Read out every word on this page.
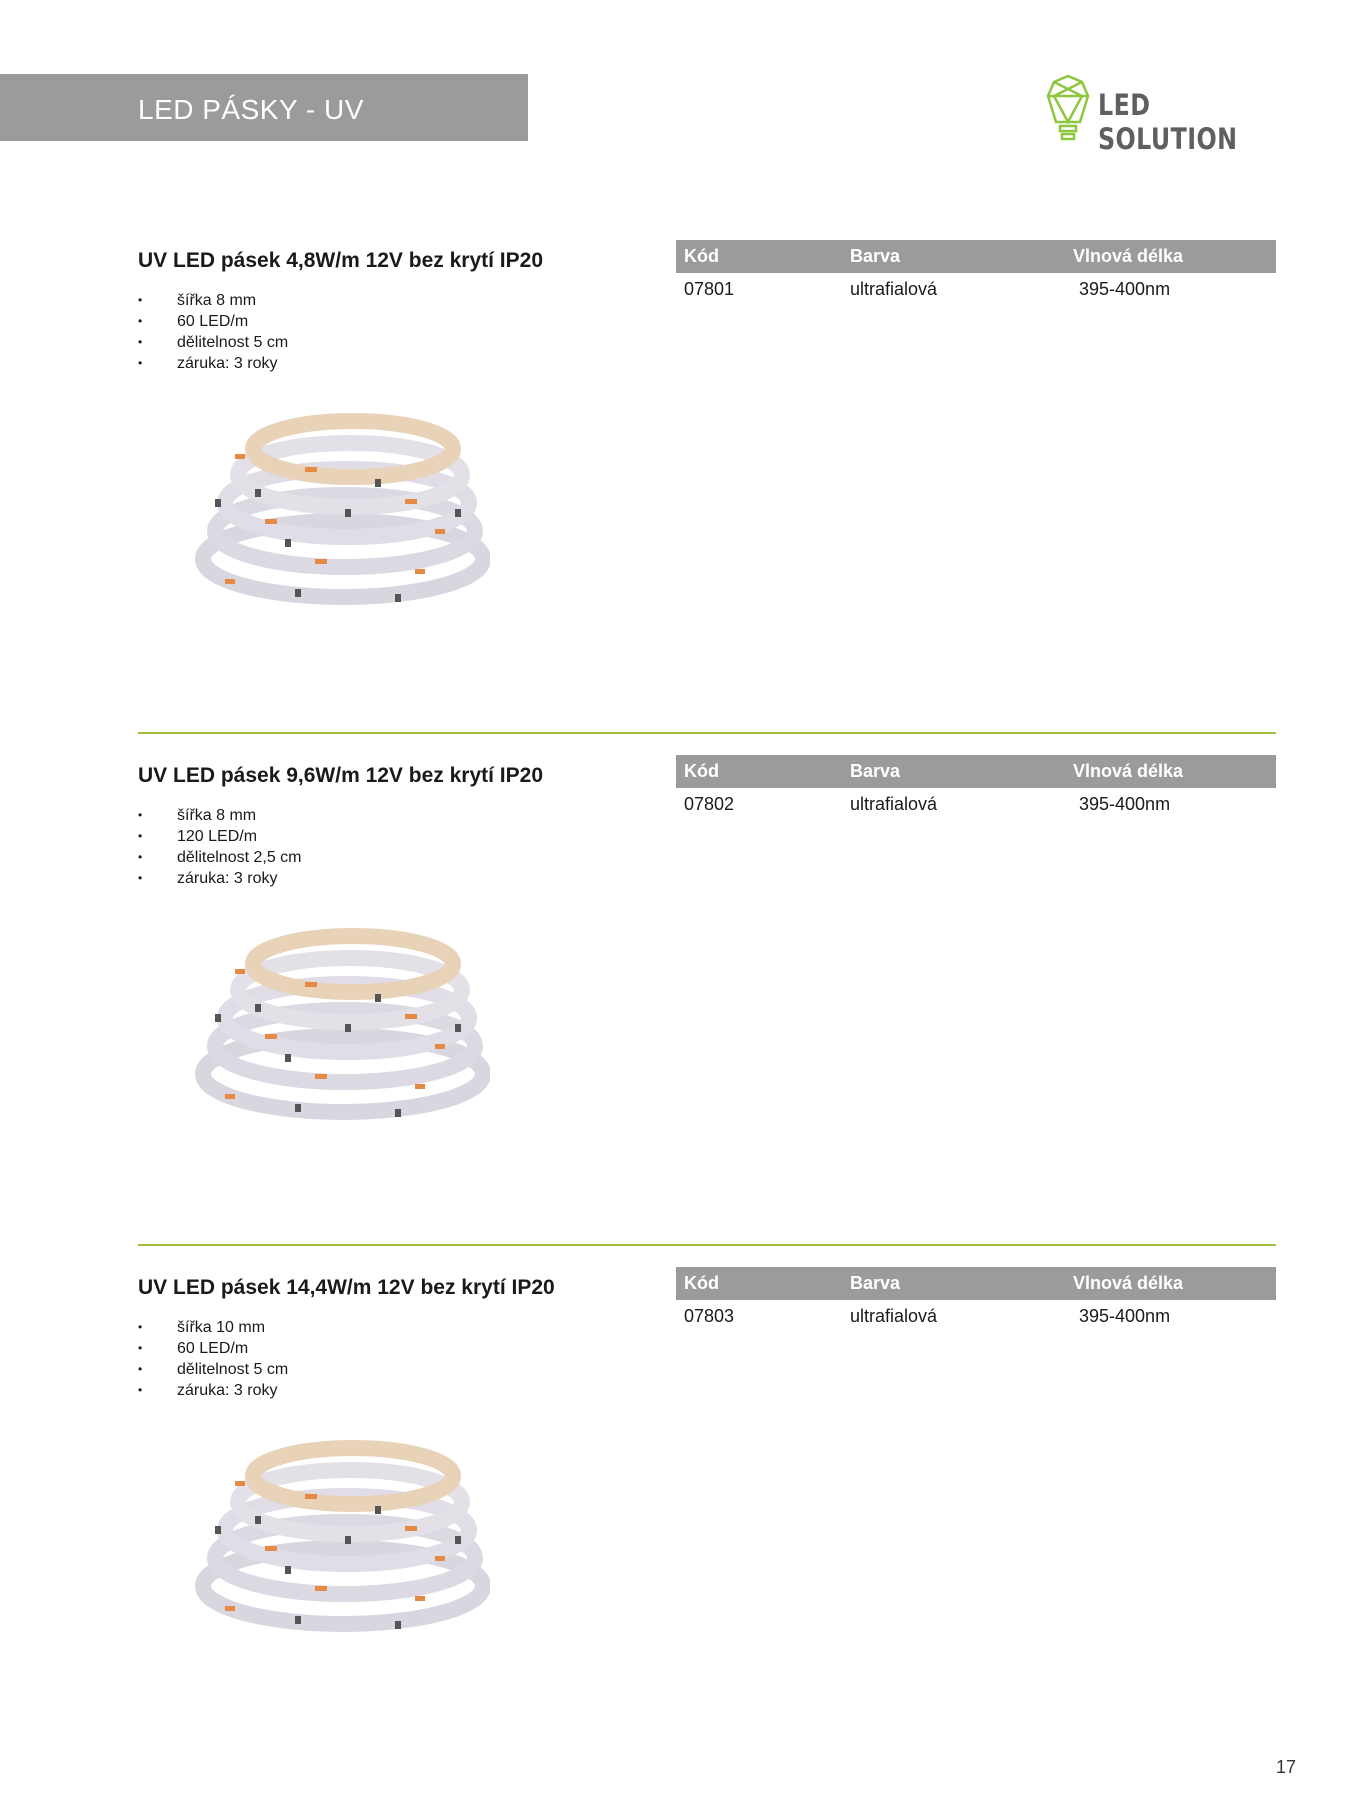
LED PÁSKY - UV	LED SOLUTION
UV LED pásek 4,8W/m 12V bez krytí IP20
• šířka 8 mm
• 60 LED/m
• dělitelnost 5 cm
• záruka: 3 roky
Kód	Barva	Vlnová délka
07801	ultrafialová	395-400nm
UV LED pásek 9,6W/m 12V bez krytí IP20
• šířka 8 mm
• 120 LED/m
• dělitelnost 2,5 cm
• záruka: 3 roky
Kód	Barva	Vlnová délka
07802	ultrafialová	395-400nm
UV LED pásek 14,4W/m 12V bez krytí IP20
• šířka 10 mm
• 60 LED/m
• dělitelnost 5 cm
• záruka: 3 roky
Kód	Barva	Vlnová délka
07803	ultrafialová	395-400nm
17
